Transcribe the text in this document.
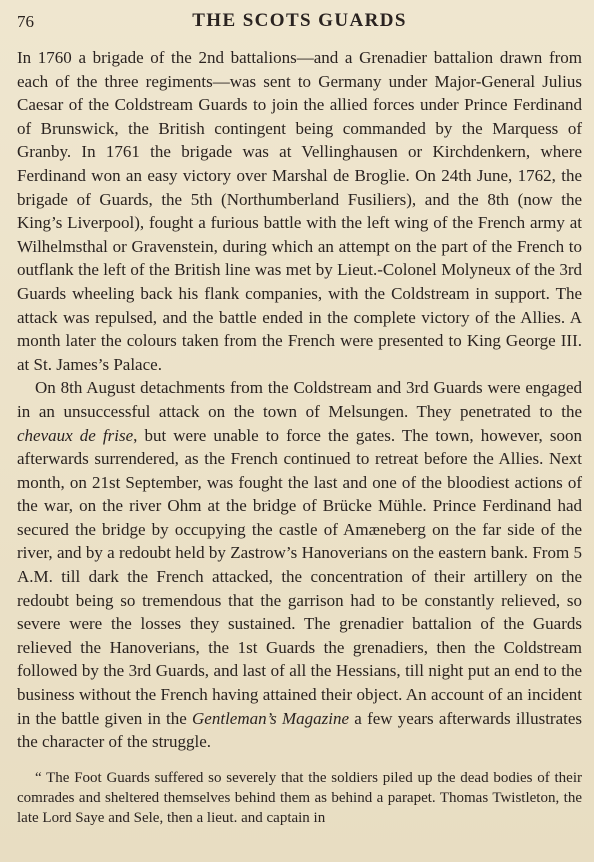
76	THE SCOTS GUARDS

In 1760 a brigade of the 2nd battalions—and a Grenadier battalion drawn from each of the three regiments—was sent to Germany under Major-General Julius Caesar of the Coldstream Guards to join the allied forces under Prince Ferdinand of Brunswick, the British contingent being commanded by the Marquess of Granby. In 1761 the brigade was at Vellinghausen or Kirchdenkern, where Ferdinand won an easy victory over Marshal de Broglie. On 24th June, 1762, the brigade of Guards, the 5th (Northumberland Fusiliers), and the 8th (now the King’s Liverpool), fought a furious battle with the left wing of the French army at Wilhelmsthal or Gravenstein, during which an attempt on the part of the French to outflank the left of the British line was met by Lieut.-Colonel Molyneux of the 3rd Guards wheeling back his flank companies, with the Coldstream in support. The attack was repulsed, and the battle ended in the complete victory of the Allies. A month later the colours taken from the French were presented to King George III. at St. James’s Palace.

On 8th August detachments from the Coldstream and 3rd Guards were engaged in an unsuccessful attack on the town of Melsungen. They penetrated to the chevaux de frise, but were unable to force the gates. The town, however, soon afterwards surrendered, as the French continued to retreat before the Allies. Next month, on 21st September, was fought the last and one of the bloodiest actions of the war, on the river Ohm at the bridge of Brücke Mühle. Prince Ferdinand had secured the bridge by occupying the castle of Amæneberg on the far side of the river, and by a redoubt held by Zastrow’s Hanoverians on the eastern bank. From 5 A.M. till dark the French attacked, the concentration of their artillery on the redoubt being so tremendous that the garrison had to be constantly relieved, so severe were the losses they sustained. The grenadier battalion of the Guards relieved the Hanoverians, the 1st Guards the grenadiers, then the Coldstream followed by the 3rd Guards, and last of all the Hessians, till night put an end to the business without the French having attained their object. An account of an incident in the battle given in the Gentleman’s Magazine a few years afterwards illustrates the character of the struggle.

“ The Foot Guards suffered so severely that the soldiers piled up the dead bodies of their comrades and sheltered themselves behind them as behind a parapet. Thomas Twistleton, the late Lord Saye and Sele, then a lieut. and captain in
